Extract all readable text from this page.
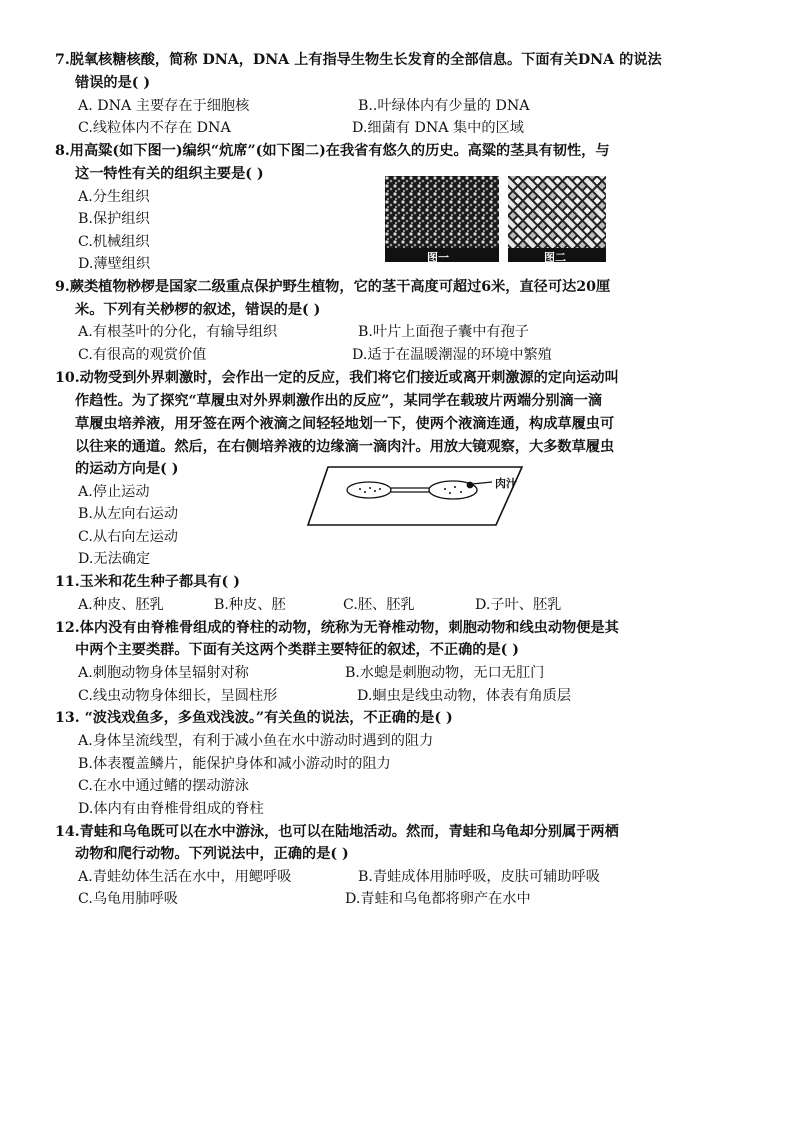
7.脱氧核糖核酸，简称 DNA，DNA 上有指导生物生长发育的全部信息。下面有关DNA 的说法
错误的是( )
A. DNA 主要存在于细胞核	B..叶绿体内有少量的 DNA
C.线粒体内不存在 DNA	D.细菌有 DNA 集中的区域
8.用高粱(如下图一)编织“炕席”(如下图二)在我省有悠久的历史。高粱的茎具有韧性，与
这一特性有关的组织主要是( )
A.分生组织
B.保护组织
C.机械组织
D.薄壁组织	图一	图二
9.蕨类植物桫椤是国家二级重点保护野生植物，它的茎干高度可超过6米，直径可达20厘
米。下列有关桫椤的叙述，错误的是( )
A.有根茎叶的分化，有输导组织	B.叶片上面孢子囊中有孢子
C.有很高的观赏价值	D.适于在温暖潮湿的环境中繁殖
10.动物受到外界刺激时，会作出一定的反应，我们将它们接近或离开刺激源的定向运动叫
作趋性。为了探究“草履虫对外界刺激作出的反应”，某同学在载玻片两端分别滴一滴
草履虫培养液，用牙签在两个液滴之间轻轻地划一下，使两个液滴连通，构成草履虫可
以往来的通道。然后，在右侧培养液的边缘滴一滴肉汁。用放大镜观察，大多数草履虫
的运动方向是( )
A.停止运动
B.从左向右运动
C.从右向左运动
D.无法确定
肉汁
11.玉米和花生种子都具有( )
A.种皮、胚乳	B.种皮、胚	C.胚、胚乳	D.子叶、胚乳
12.体内没有由脊椎骨组成的脊柱的动物，统称为无脊椎动物，刺胞动物和线虫动物便是其
中两个主要类群。下面有关这两个类群主要特征的叙述，不正确的是( )
A.刺胞动物身体呈辐射对称	B.水螅是刺胞动物，无口无肛门
C.线虫动物身体细长，呈圆柱形	D.蛔虫是线虫动物，体表有角质层
13. “波浅戏鱼多，多鱼戏浅波。”有关鱼的说法，不正确的是( )
A.身体呈流线型，有利于减小鱼在水中游动时遇到的阻力
B.体表覆盖鳞片，能保护身体和减小游动时的阻力
C.在水中通过鳍的摆动游泳
D.体内有由脊椎骨组成的脊柱
14.青蛙和乌龟既可以在水中游泳，也可以在陆地活动。然而，青蛙和乌龟却分别属于两栖
动物和爬行动物。下列说法中，正确的是( )
A.青蛙幼体生活在水中，用鳃呼吸	B.青蛙成体用肺呼吸，皮肤可辅助呼吸
C.乌龟用肺呼吸	D.青蛙和乌龟都将卵产在水中
